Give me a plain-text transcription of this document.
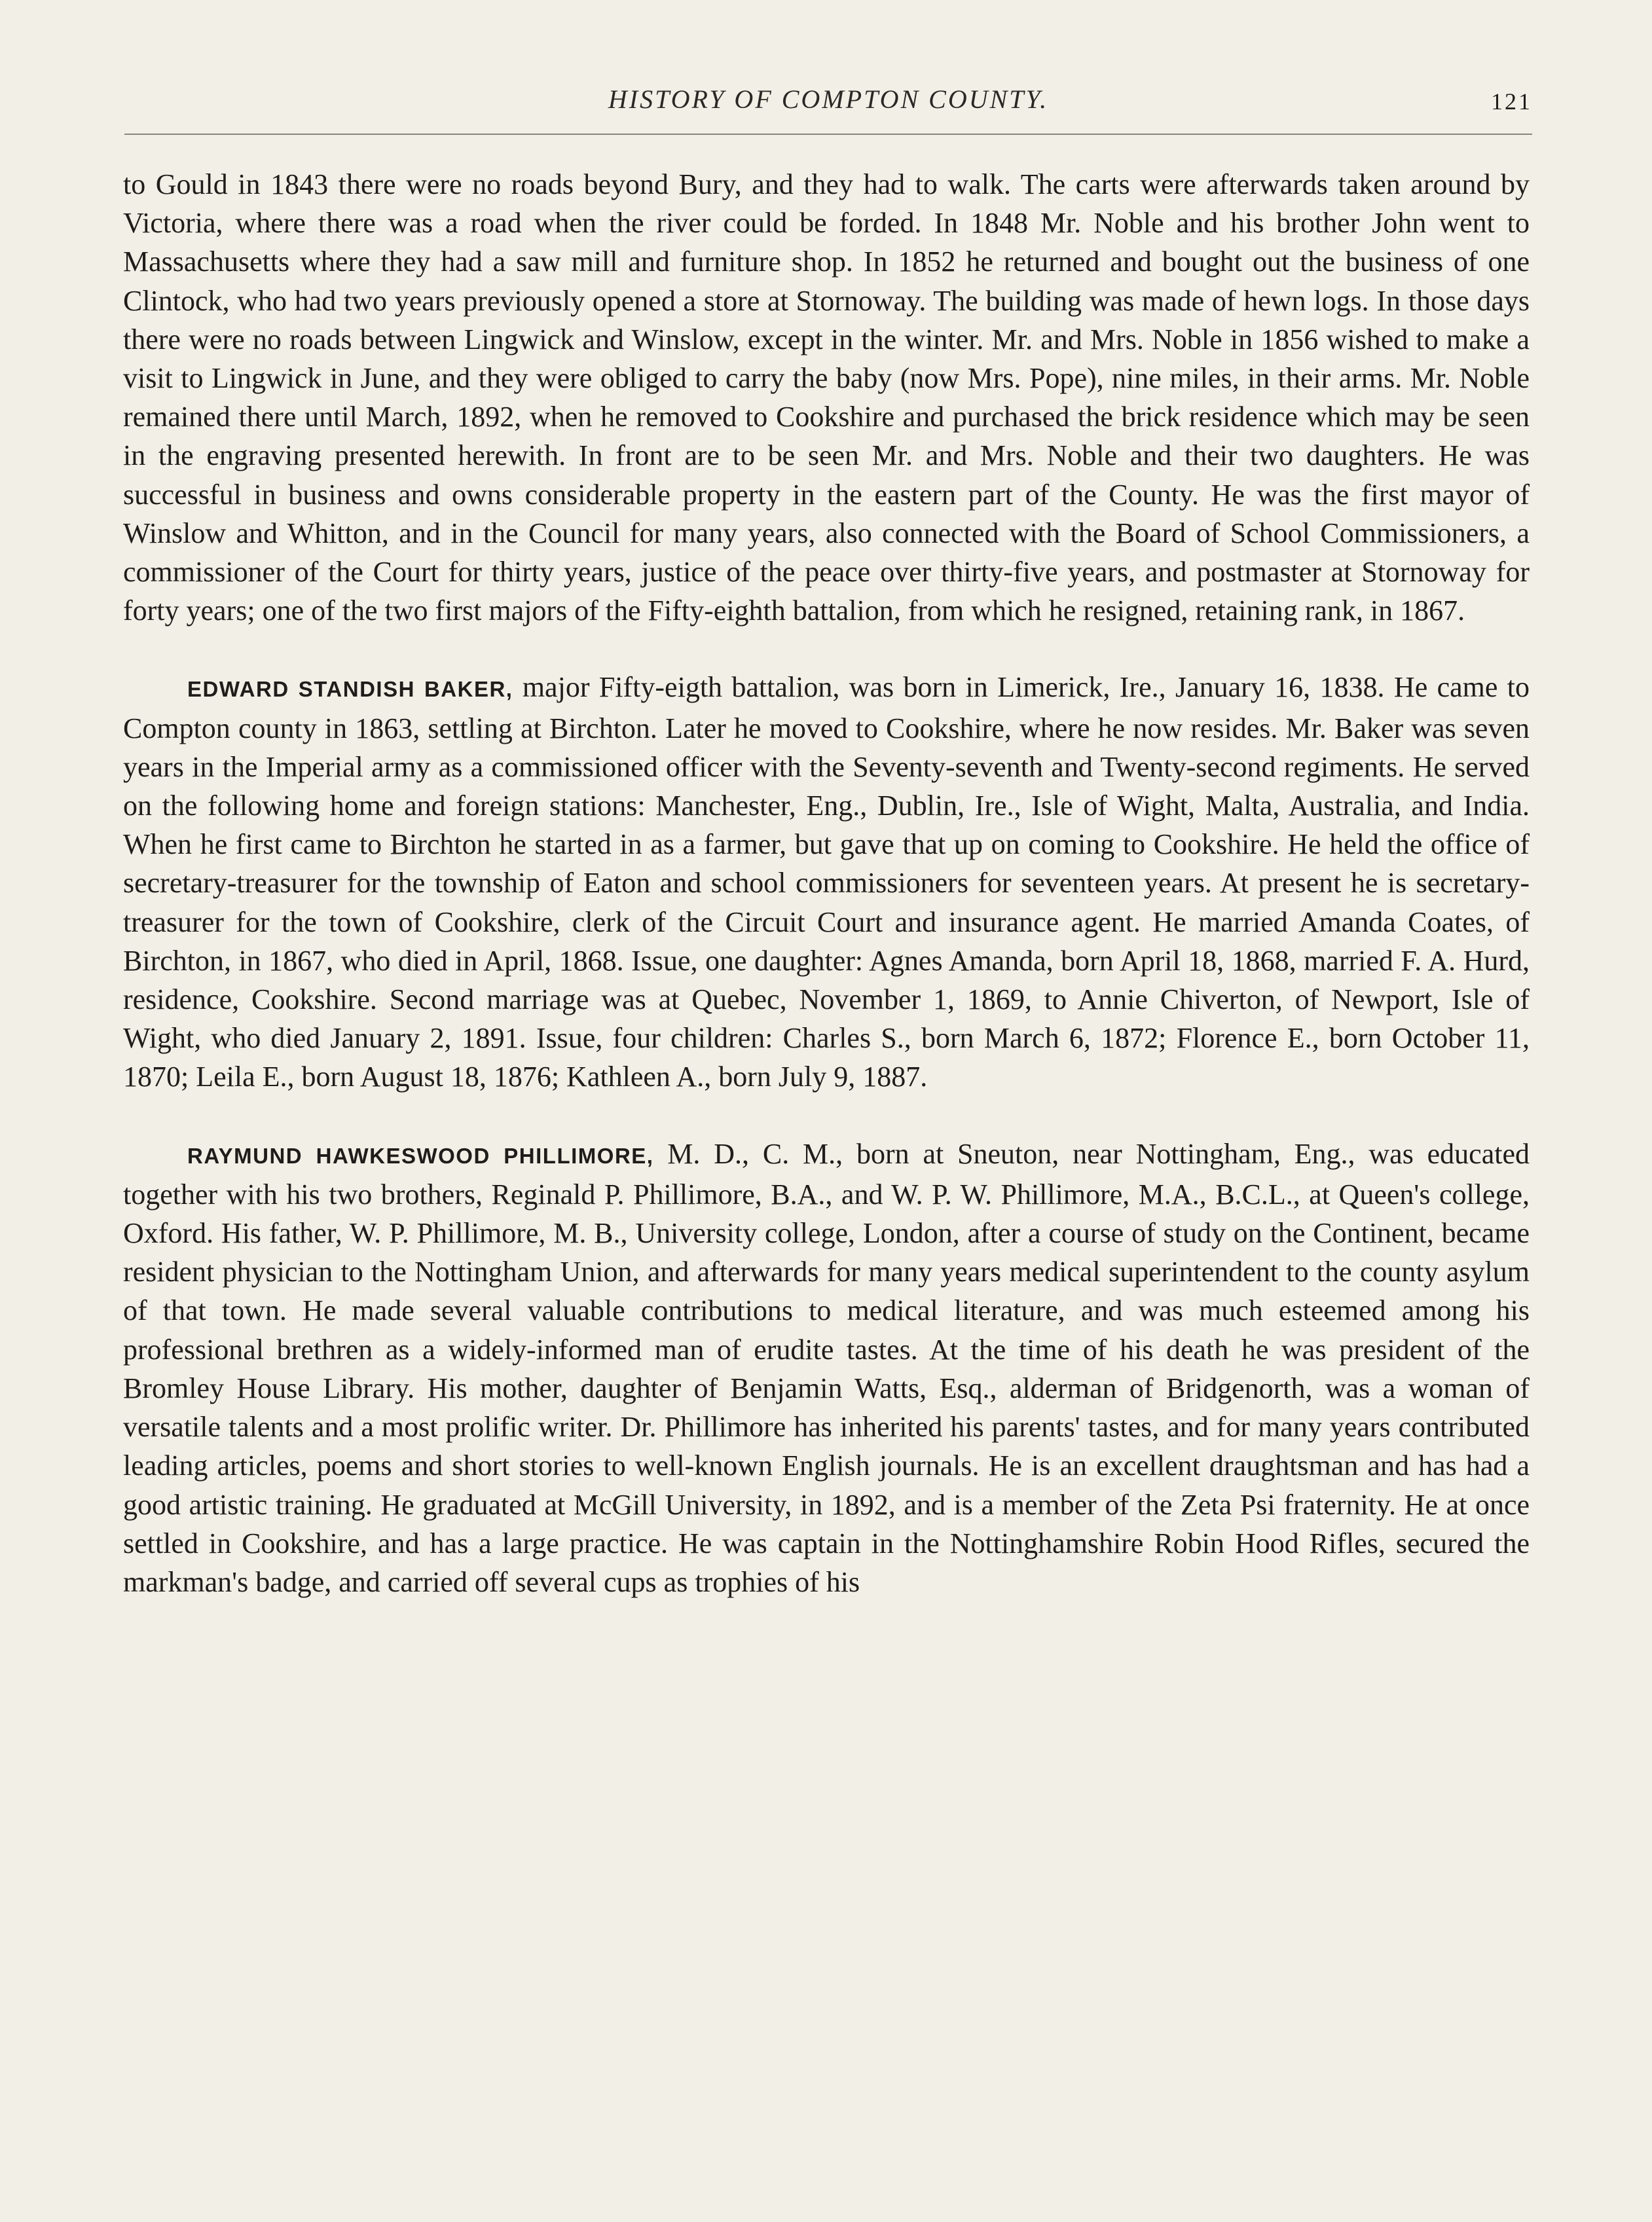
HISTORY OF COMPTON COUNTY.	121

to Gould in 1843 there were no roads beyond Bury, and they had to walk. The carts were afterwards taken around by Victoria, where there was a road when the river could be forded. In 1848 Mr. Noble and his brother John went to Massachusetts where they had a saw mill and furniture shop. In 1852 he returned and bought out the business of one Clintock, who had two years previously opened a store at Stornoway. The building was made of hewn logs. In those days there were no roads between Lingwick and Winslow, except in the winter. Mr. and Mrs. Noble in 1856 wished to make a visit to Lingwick in June, and they were obliged to carry the baby (now Mrs. Pope), nine miles, in their arms. Mr. Noble remained there until March, 1892, when he removed to Cookshire and purchased the brick residence which may be seen in the engraving presented herewith. In front are to be seen Mr. and Mrs. Noble and their two daughters. He was successful in business and owns considerable property in the eastern part of the County. He was the first mayor of Winslow and Whitton, and in the Council for many years, also connected with the Board of School Commissioners, a commissioner of the Court for thirty years, justice of the peace over thirty-five years, and postmaster at Stornoway for forty years; one of the two first majors of the Fifty-eighth battalion, from which he resigned, retaining rank, in 1867.

EDWARD STANDISH BAKER, major Fifty-eigth battalion, was born in Limerick, Ire., January 16, 1838. He came to Compton county in 1863, settling at Birchton. Later he moved to Cookshire, where he now resides. Mr. Baker was seven years in the Imperial army as a commissioned officer with the Seventy-seventh and Twenty-second regiments. He served on the following home and foreign stations: Manchester, Eng., Dublin, Ire., Isle of Wight, Malta, Australia, and India. When he first came to Birchton he started in as a farmer, but gave that up on coming to Cookshire. He held the office of secretary-treasurer for the township of Eaton and school commissioners for seventeen years. At present he is secretary-treasurer for the town of Cookshire, clerk of the Circuit Court and insurance agent. He married Amanda Coates, of Birchton, in 1867, who died in April, 1868. Issue, one daughter: Agnes Amanda, born April 18, 1868, married F. A. Hurd, residence, Cookshire. Second marriage was at Quebec, November 1, 1869, to Annie Chiverton, of Newport, Isle of Wight, who died January 2, 1891. Issue, four children: Charles S., born March 6, 1872; Florence E., born October 11, 1870; Leila E., born August 18, 1876; Kathleen A., born July 9, 1887.

RAYMUND HAWKESWOOD PHILLIMORE, M. D., C. M., born at Sneuton, near Nottingham, Eng., was educated together with his two brothers, Reginald P. Phillimore, B.A., and W. P. W. Phillimore, M.A., B.C.L., at Queen's college, Oxford. His father, W. P. Phillimore, M. B., University college, London, after a course of study on the Continent, became resident physician to the Nottingham Union, and afterwards for many years medical superintendent to the county asylum of that town. He made several valuable contributions to medical literature, and was much esteemed among his professional brethren as a widely-informed man of erudite tastes. At the time of his death he was president of the Bromley House Library. His mother, daughter of Benjamin Watts, Esq., alderman of Bridgenorth, was a woman of versatile talents and a most prolific writer. Dr. Phillimore has inherited his parents' tastes, and for many years contributed leading articles, poems and short stories to well-known English journals. He is an excellent draughtsman and has had a good artistic training. He graduated at McGill University, in 1892, and is a member of the Zeta Psi fraternity. He at once settled in Cookshire, and has a large practice. He was captain in the Nottinghamshire Robin Hood Rifles, secured the markman's badge, and carried off several cups as trophies of his
